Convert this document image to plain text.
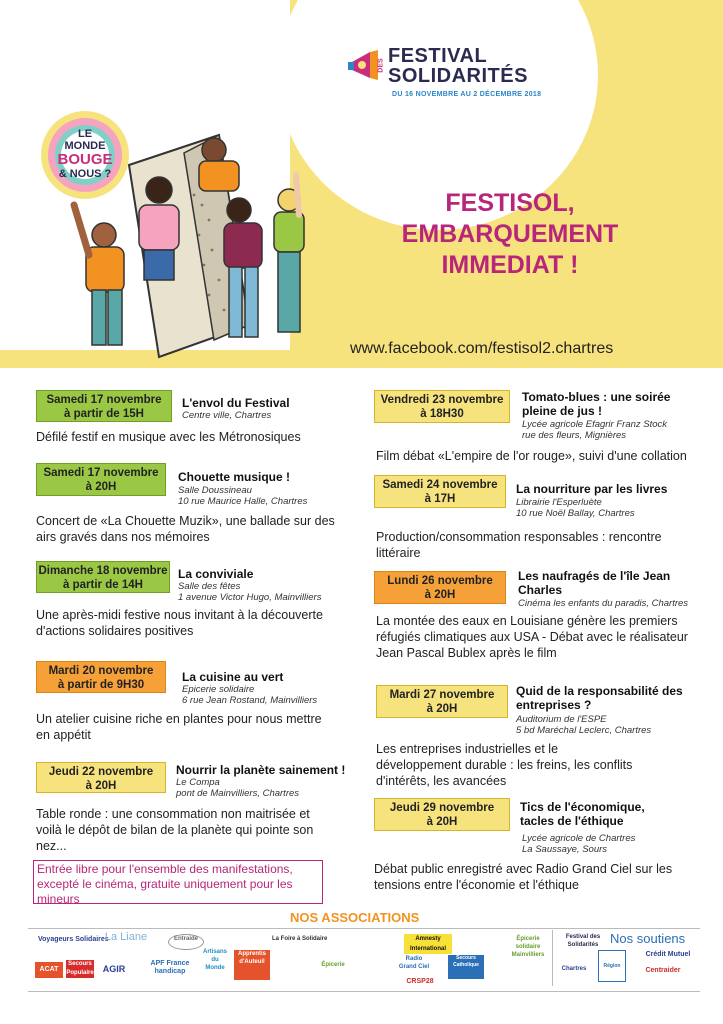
FESTIVAL
DES SOLIDARITÉS
DU 16 NOVEMBRE AU 2 DÉCEMBRE 2018
LE
MONDE

BOUGE
& NOUS ?
FESTISOL,
EMBARQUEMENT
IMMEDIAT !
www.facebook.com/festisol2.chartres
Samedi 17 novembre
à partir de 15H
L'envol du Festival
Centre ville, Chartres
Défilé festif en musique avec les Métronosiques
Samedi 17 novembre
à 20H
Chouette musique !
Salle Doussineau
10 rue Maurice Halle, Chartres
Concert de «La Chouette Muzik», une ballade sur des airs gravés dans nos mémoires
Dimanche 18 novembre
à partir de 14H
La conviviale
Salle des fêtes
1 avenue Victor Hugo, Mainvilliers
Une après-midi festive nous invitant à la découverte d'actions solidaires positives
Mardi 20 novembre
à partir de 9H30
La cuisine au vert
Epicerie solidaire
6 rue Jean Rostand, Mainvilliers
Un atelier cuisine riche en plantes pour nous mettre en appétit
Jeudi 22 novembre
à 20H
Nourrir la planète sainement !
Le Compa
pont de Mainvilliers, Chartres
Table ronde : une consommation non maitrisée et voilà le dépôt de bilan de la planète qui pointe son nez...
Vendredi 23 novembre
à 18H30
Tomato-blues : une soirée pleine de jus !
Lycée agricole Efagrir Franz Stock
rue des fleurs, Mignières
Film débat «L'empire de l'or rouge», suivi d'une collation
Samedi 24 novembre
à 17H
La nourriture par les livres
Librairie l'Esperluète
10 rue Noël Ballay, Chartres
Production/consommation responsables : rencontre littéraire
Lundi 26 novembre
à 20H
Les naufragés de l'île Jean Charles
Cinéma les enfants du paradis, Chartres
La montée des eaux en Louisiane génère les premiers réfugiés climatiques aux USA - Débat avec le réalisateur Jean Pascal Bublex après le film
Mardi 27 novembre
à 20H
Quid de la responsabilité des entreprises ?
Auditorium de l'ESPE
5 bd Maréchal Leclerc, Chartres
Les entreprises industrielles et le développement durable : les freins, les conflits d'intérêts, les avancées
Jeudi 29 novembre
à 20H
Tics de l'économique, tacles de l'éthique
Lycée agricole de Chartres
La Saussaye, Sours
Débat public enregistré avec Radio Grand Ciel sur les tensions entre l'économie et l'éthique
Entrée libre pour l'ensemble des manifestations, excepté le cinéma, gratuite uniquement pour les mineurs
NOS ASSOCIATIONS
Nos soutiens
Voyageurs Solidaires
La Liane	Entraide
ACAT
Secours Populaire	AGIR
APF France handicap
Artisans du Monde
Apprentis d'Auteuil
La Foire à Solidaire
Épicerie
Amnesty International
Radio Grand Ciel
CRSP28
Secours Catholique
Épicerie solidaire Mainvilliers
Festival des Solidarités
Crédit Mutuel
Centraider
Chartres	Région
